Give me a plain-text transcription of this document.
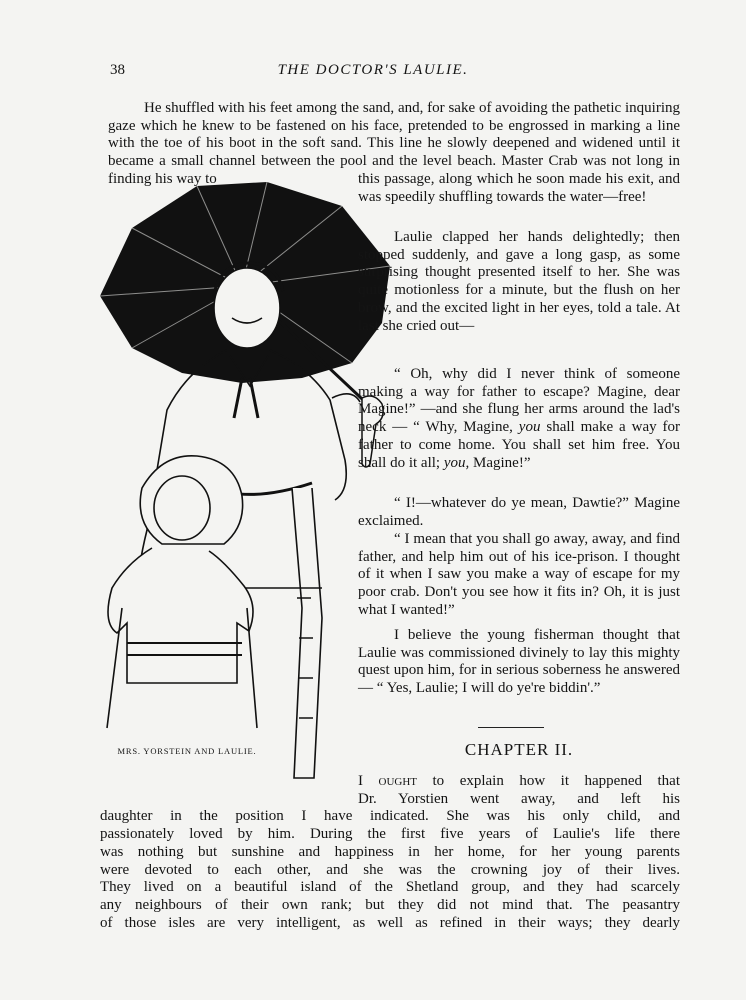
38	THE DOCTOR'S LAULIE.

He shuffled with his feet among the sand, and, for sake of avoiding the pathetic inquiring gaze which he knew to be fastened on his face, pretended to be engrossed in marking a line with the toe of his boot in the soft sand. This line he slowly deepened and widened until it became a small channel between the pool and the level beach. Master Crab was not long in finding his way to

MRS. YORSTEIN AND LAULIE.

this passage, along which he soon made his exit, and was speedily shuffling towards the water—free!

Laulie clapped her hands delightedly; then stopped suddenly, and gave a long gasp, as some surprising thought presented itself to her. She was quite motionless for a minute, but the flush on her brow, and the excited light in her eyes, told a tale. At last she cried out—

“ Oh, why did I never think of someone making a way for father to escape? Magine, dear Magine!” —and she flung her arms around the lad's neck — “ Why, Magine, you shall make a way for father to come home. You shall set him free. You shall do it all; you, Magine!”

“ I!—whatever do ye mean, Dawtie?” Magine exclaimed.

“ I mean that you shall go away, away, and find father, and help him out of his ice-prison. I thought of it when I saw you make a way of escape for my poor crab. Don't you see how it fits in? Oh, it is just what I wanted!”

I believe the young fisherman thought that Laulie was commissioned divinely to lay this mighty quest upon him, for in serious soberness he answered — “ Yes, Laulie; I will do ye're biddin'.”

CHAPTER II.
I ought to explain how it happened that
Dr. Yorstien went away, and left his
daughter in the position I have indicated. She was his only child, and
passionately loved by him. During the first five years of Laulie's life there
was nothing but sunshine and happiness in her home, for her young parents
were devoted to each other, and she was the crowning joy of their lives.
They lived on a beautiful island of the Shetland group, and they had scarcely
any neighbours of their own rank; but they did not mind that. The peasantry
of those isles are very intelligent, as well as refined in their ways; they dearly
